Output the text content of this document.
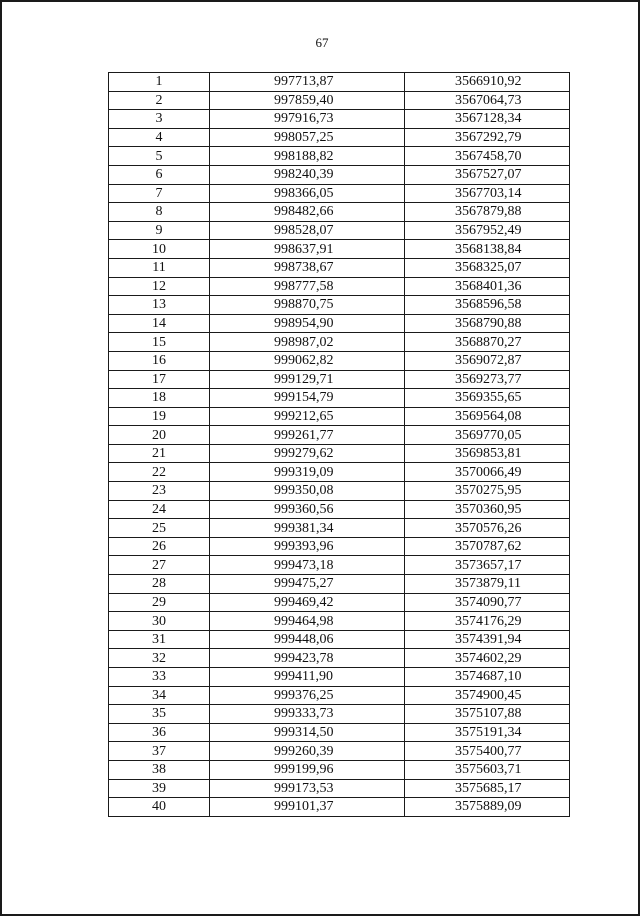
67
1	997713,87	3566910,92
2	997859,40	3567064,73
3	997916,73	3567128,34
4	998057,25	3567292,79
5	998188,82	3567458,70
6	998240,39	3567527,07
7	998366,05	3567703,14
8	998482,66	3567879,88
9	998528,07	3567952,49
10	998637,91	3568138,84
11	998738,67	3568325,07
12	998777,58	3568401,36
13	998870,75	3568596,58
14	998954,90	3568790,88
15	998987,02	3568870,27
16	999062,82	3569072,87
17	999129,71	3569273,77
18	999154,79	3569355,65
19	999212,65	3569564,08
20	999261,77	3569770,05
21	999279,62	3569853,81
22	999319,09	3570066,49
23	999350,08	3570275,95
24	999360,56	3570360,95
25	999381,34	3570576,26
26	999393,96	3570787,62
27	999473,18	3573657,17
28	999475,27	3573879,11
29	999469,42	3574090,77
30	999464,98	3574176,29
31	999448,06	3574391,94
32	999423,78	3574602,29
33	999411,90	3574687,10
34	999376,25	3574900,45
35	999333,73	3575107,88
36	999314,50	3575191,34
37	999260,39	3575400,77
38	999199,96	3575603,71
39	999173,53	3575685,17
40	999101,37	3575889,09
